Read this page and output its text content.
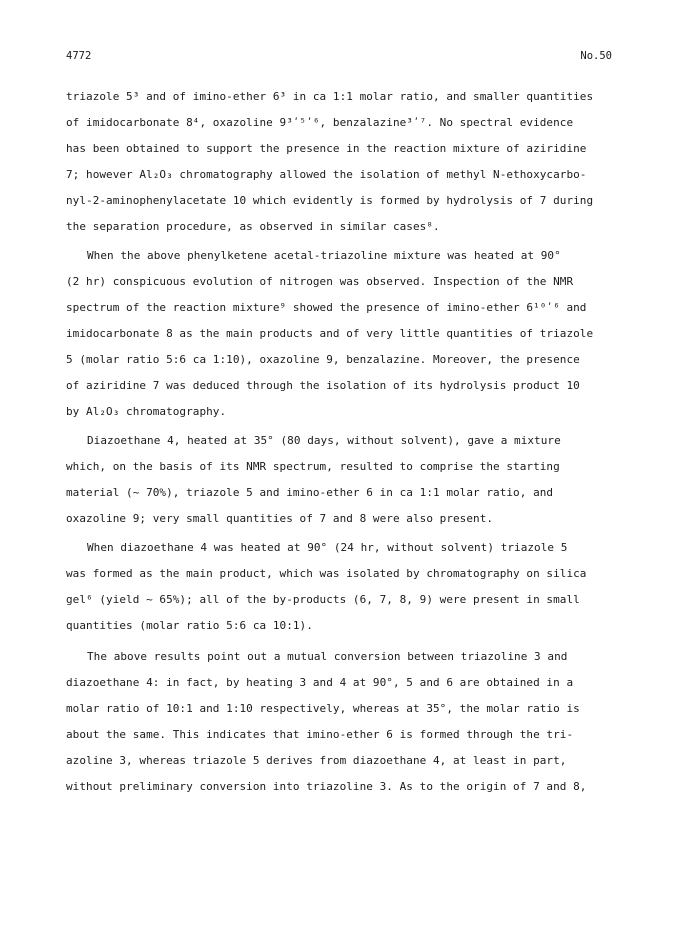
4772	No.50
triazole 5³ and of imino-ether 6³ in ca 1:1 molar ratio, and smaller quantities
of imidocarbonate 8⁴, oxazoline 9³ʹ⁵ʹ⁶, benzalazine³ʹ⁷. No spectral evidence
has been obtained to support the presence in the reaction mixture of aziridine
7; however Al₂O₃ chromatography allowed the isolation of methyl N-ethoxycarbo-
nyl-2-aminophenylacetate 10 which evidently is formed by hydrolysis of 7 during
the separation procedure, as observed in similar cases⁸.
When the above phenylketene acetal-triazoline mixture was heated at 90°
(2 hr) conspicuous evolution of nitrogen was observed. Inspection of the NMR
spectrum of the reaction mixture⁹ showed the presence of imino-ether 6¹⁰ʹ⁶ and
imidocarbonate 8 as the main products and of very little quantities of triazole
5 (molar ratio 5:6 ca 1:10), oxazoline 9, benzalazine. Moreover, the presence
of aziridine 7 was deduced through the isolation of its hydrolysis product 10
by Al₂O₃ chromatography.
Diazoethane 4, heated at 35° (80 days, without solvent), gave a mixture
which, on the basis of its NMR spectrum, resulted to comprise the starting
material (~ 70%), triazole 5 and imino-ether 6 in ca 1:1 molar ratio, and
oxazoline 9; very small quantities of 7 and 8 were also present.
When diazoethane 4 was heated at 90° (24 hr, without solvent) triazole 5
was formed as the main product, which was isolated by chromatography on silica
gel⁶ (yield ~ 65%); all of the by-products (6, 7, 8, 9) were present in small
quantities (molar ratio 5:6 ca 10:1).
The above results point out a mutual conversion between triazoline 3 and
diazoethane 4: in fact, by heating 3 and 4 at 90°, 5 and 6 are obtained in a
molar ratio of 10:1 and 1:10 respectively, whereas at 35°, the molar ratio is
about the same. This indicates that imino-ether 6 is formed through the tri-
azoline 3, whereas triazole 5 derives from diazoethane 4, at least in part,
without preliminary conversion into triazoline 3. As to the origin of 7 and 8,
